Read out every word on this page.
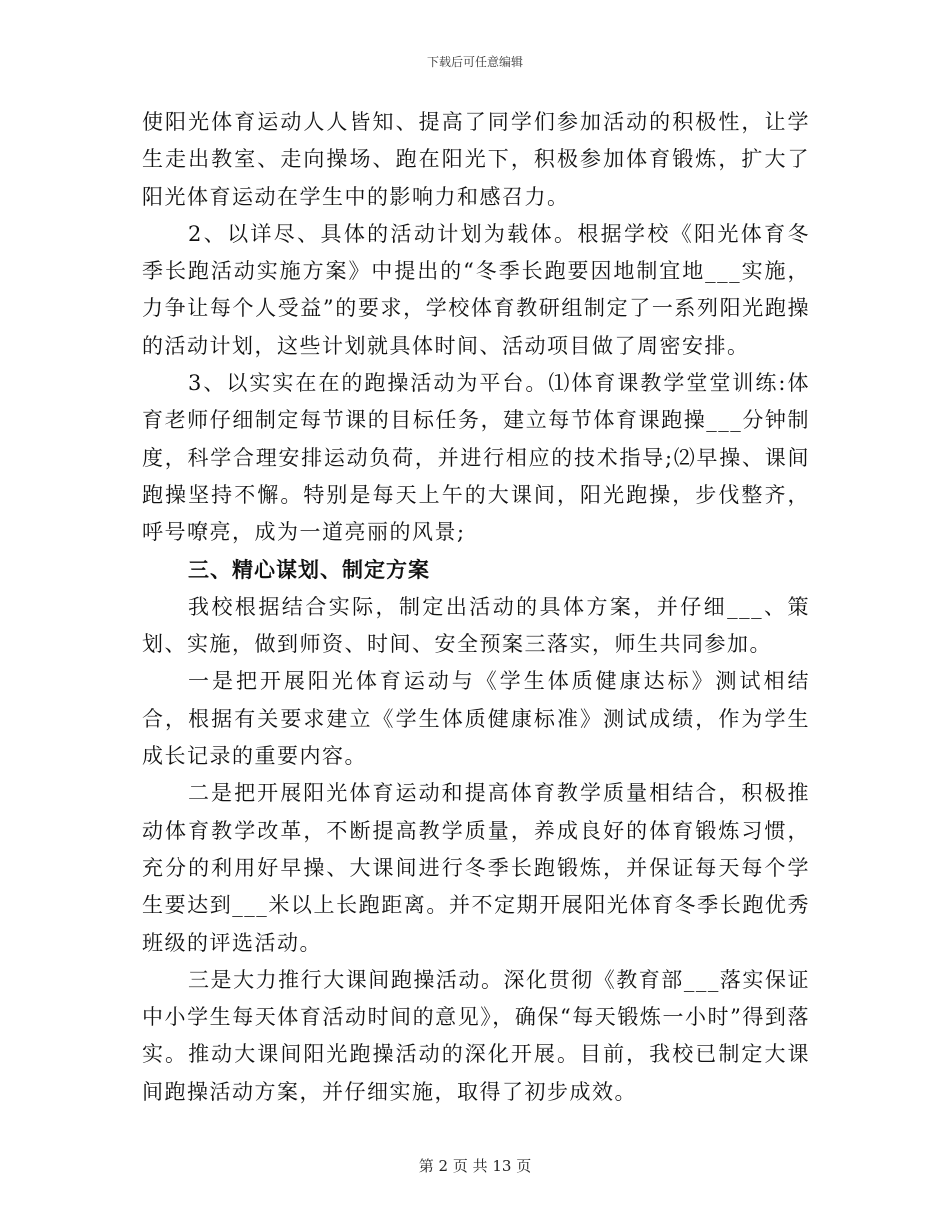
下载后可任意编辑

使阳光体育运动人人皆知、提高了同学们参加活动的积极性，让学生走出教室、走向操场、跑在阳光下，积极参加体育锻炼，扩大了阳光体育运动在学生中的影响力和感召力。

2、以详尽、具体的活动计划为载体。根据学校《阳光体育冬季长跑活动实施方案》中提出的“冬季长跑要因地制宜地___实施，力争让每个人受益”的要求，学校体育教研组制定了一系列阳光跑操的活动计划，这些计划就具体时间、活动项目做了周密安排。

3、以实实在在的跑操活动为平台。⑴体育课教学堂堂训练:体育老师仔细制定每节课的目标任务，建立每节体育课跑操___分钟制度，科学合理安排运动负荷，并进行相应的技术指导;⑵早操、课间跑操坚持不懈。特别是每天上午的大课间，阳光跑操，步伐整齐，呼号嘹亮，成为一道亮丽的风景;

三、精心谋划、制定方案

我校根据结合实际，制定出活动的具体方案，并仔细___、策划、实施，做到师资、时间、安全预案三落实，师生共同参加。

一是把开展阳光体育运动与《学生体质健康达标》测试相结合，根据有关要求建立《学生体质健康标准》测试成绩，作为学生成长记录的重要内容。

二是把开展阳光体育运动和提高体育教学质量相结合，积极推动体育教学改革，不断提高教学质量，养成良好的体育锻炼习惯，充分的利用好早操、大课间进行冬季长跑锻炼，并保证每天每个学生要达到___米以上长跑距离。并不定期开展阳光体育冬季长跑优秀班级的评选活动。

三是大力推行大课间跑操活动。深化贯彻《教育部___落实保证中小学生每天体育活动时间的意见》，确保“每天锻炼一小时”得到落实。推动大课间阳光跑操活动的深化开展。目前，我校已制定大课间跑操活动方案，并仔细实施，取得了初步成效。

第 2 页 共 13 页
